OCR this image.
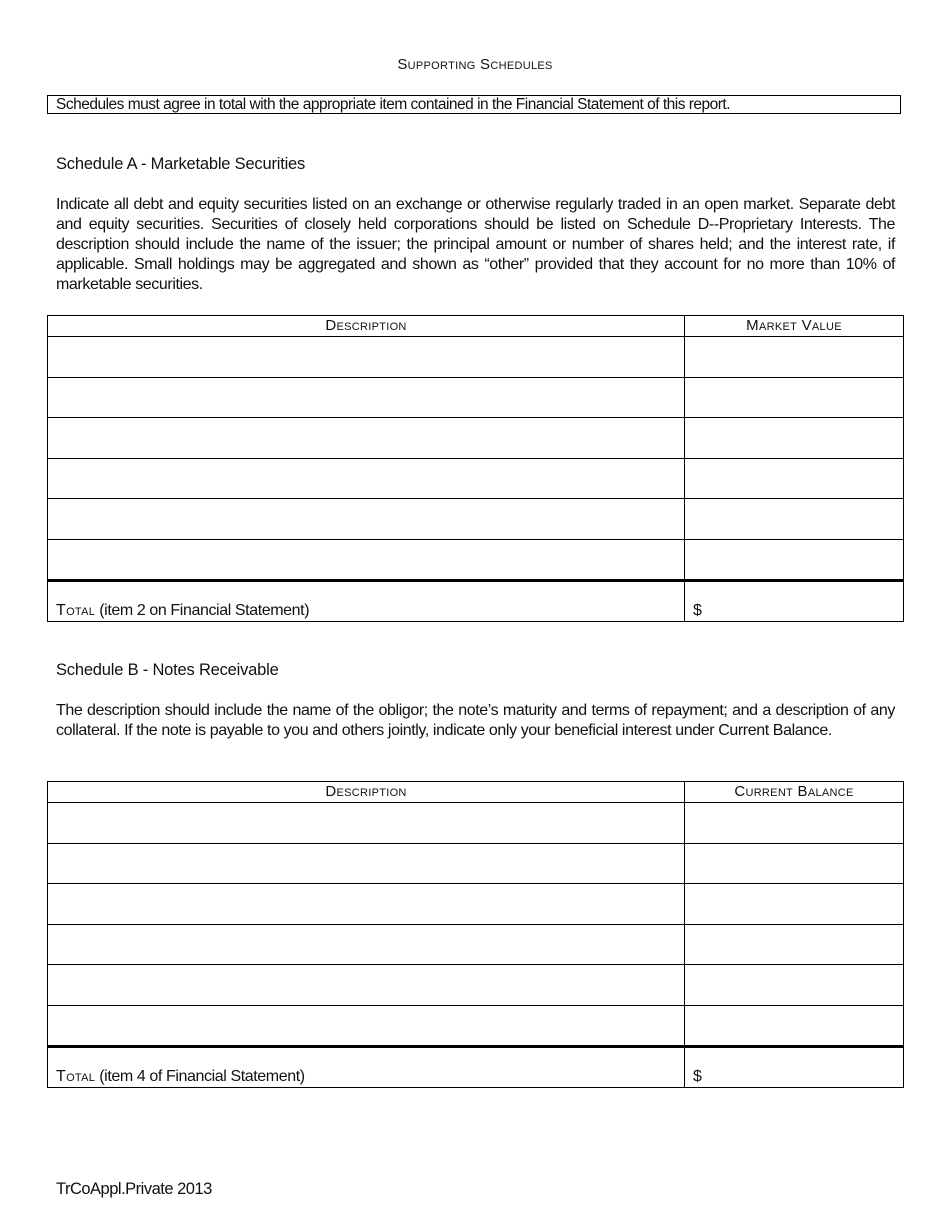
Supporting Schedules
Schedules must agree in total with the appropriate item contained in the Financial Statement of this report.
Schedule A - Marketable Securities
Indicate all debt and equity securities listed on an exchange or otherwise regularly traded in an open market. Separate debt and equity securities. Securities of closely held corporations should be listed on Schedule D--Proprietary Interests. The description should include the name of the issuer; the principal amount or number of shares held; and the interest rate, if applicable. Small holdings may be aggregated and shown as “other” provided that they account for no more than 10% of marketable securities.
Description	Market Value

Total (item 2 on Financial Statement)	$
Schedule B - Notes Receivable
The description should include the name of the obligor; the note’s maturity and terms of repayment; and a description of any collateral. If the note is payable to you and others jointly, indicate only your beneficial interest under Current Balance.
Description	Current Balance

Total (item 4 of Financial Statement)	$
TrCoAppl.Private 2013
